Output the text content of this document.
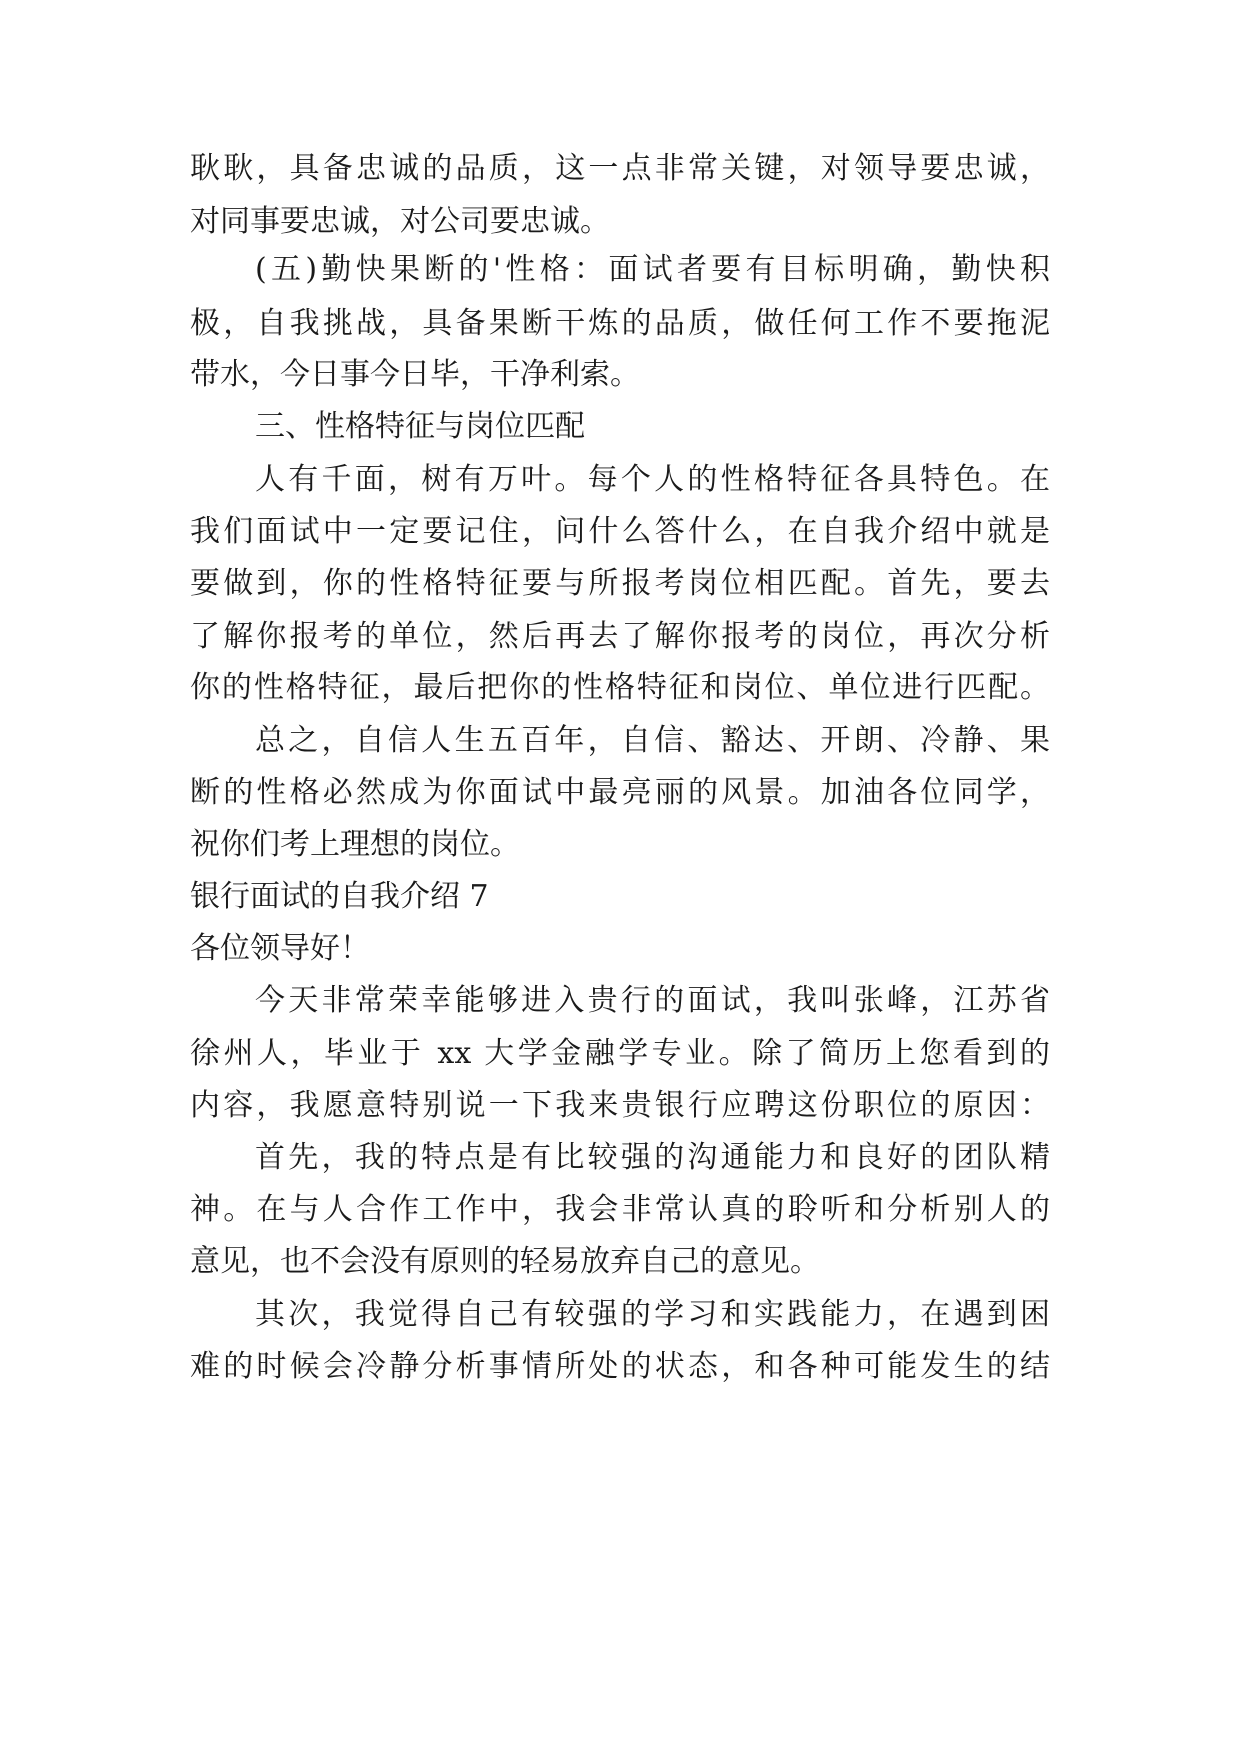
耿耿，具备忠诚的品质，这一点非常关键，对领导要忠诚，
对同事要忠诚，对公司要忠诚。
(五)勤快果断的'性格：面试者要有目标明确，勤快积
极，自我挑战，具备果断干炼的品质，做任何工作不要拖泥
带水，今日事今日毕，干净利索。
三、性格特征与岗位匹配
人有千面，树有万叶。每个人的性格特征各具特色。在
我们面试中一定要记住，问什么答什么，在自我介绍中就是
要做到，你的性格特征要与所报考岗位相匹配。首先，要去
了解你报考的单位，然后再去了解你报考的岗位，再次分析
你的性格特征，最后把你的性格特征和岗位、单位进行匹配。
总之，自信人生五百年，自信、豁达、开朗、冷静、果
断的性格必然成为你面试中最亮丽的风景。加油各位同学，
祝你们考上理想的岗位。
银行面试的自我介绍 7
各位领导好！
今天非常荣幸能够进入贵行的面试，我叫张峰，江苏省
徐州人，毕业于 xx 大学金融学专业。除了简历上您看到的
内容，我愿意特别说一下我来贵银行应聘这份职位的原因：
首先，我的特点是有比较强的沟通能力和良好的团队精
神。在与人合作工作中，我会非常认真的聆听和分析别人的
意见，也不会没有原则的轻易放弃自己的意见。
其次，我觉得自己有较强的学习和实践能力，在遇到困
难的时候会冷静分析事情所处的状态，和各种可能发生的结
